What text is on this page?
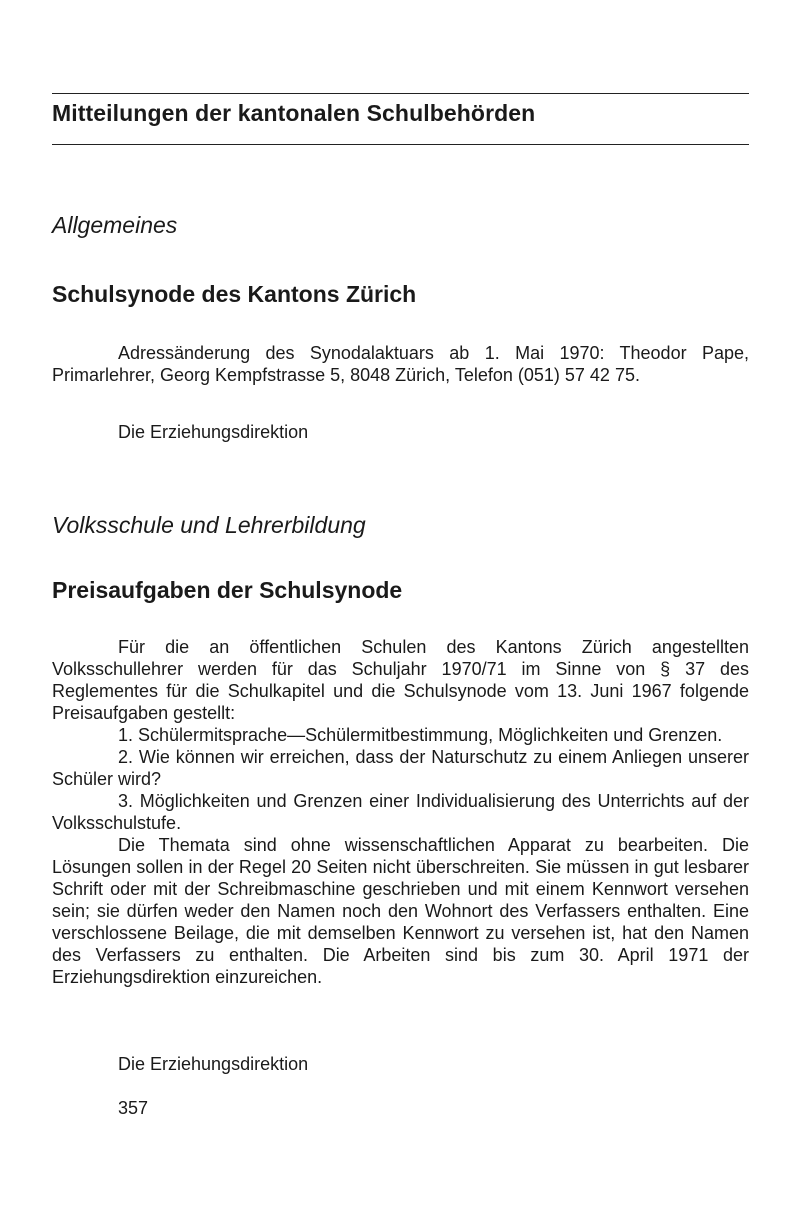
Mitteilungen der kantonalen Schulbehörden
Allgemeines
Schulsynode des Kantons Zürich

Adressänderung des Synodalaktuars ab 1. Mai 1970: Theodor Pape, Primarlehrer, Georg Kempfstrasse 5, 8048 Zürich, Telefon (051) 57 42 75.

Die Erziehungsdirektion
Volksschule und Lehrerbildung
Preisaufgaben der Schulsynode

Für die an öffentlichen Schulen des Kantons Zürich angestellten Volksschullehrer werden für das Schuljahr 1970/71 im Sinne von § 37 des Reglementes für die Schulkapitel und die Schulsynode vom 13. Juni 1967 folgende Preisaufgaben gestellt:

1. Schülermitsprache—Schülermitbestimmung, Möglichkeiten und Grenzen.

2. Wie können wir erreichen, dass der Naturschutz zu einem Anliegen unserer Schüler wird?

3. Möglichkeiten und Grenzen einer Individualisierung des Unterrichts auf der Volksschulstufe.

Die Themata sind ohne wissenschaftlichen Apparat zu bearbeiten. Die Lösungen sollen in der Regel 20 Seiten nicht überschreiten. Sie müssen in gut lesbarer Schrift oder mit der Schreibmaschine geschrieben und mit einem Kennwort versehen sein; sie dürfen weder den Namen noch den Wohnort des Verfassers enthalten. Eine verschlossene Beilage, die mit demselben Kennwort zu versehen ist, hat den Namen des Verfassers zu enthalten. Die Arbeiten sind bis zum 30. April 1971 der Erziehungsdirektion einzureichen.

Die Erziehungsdirektion
357
